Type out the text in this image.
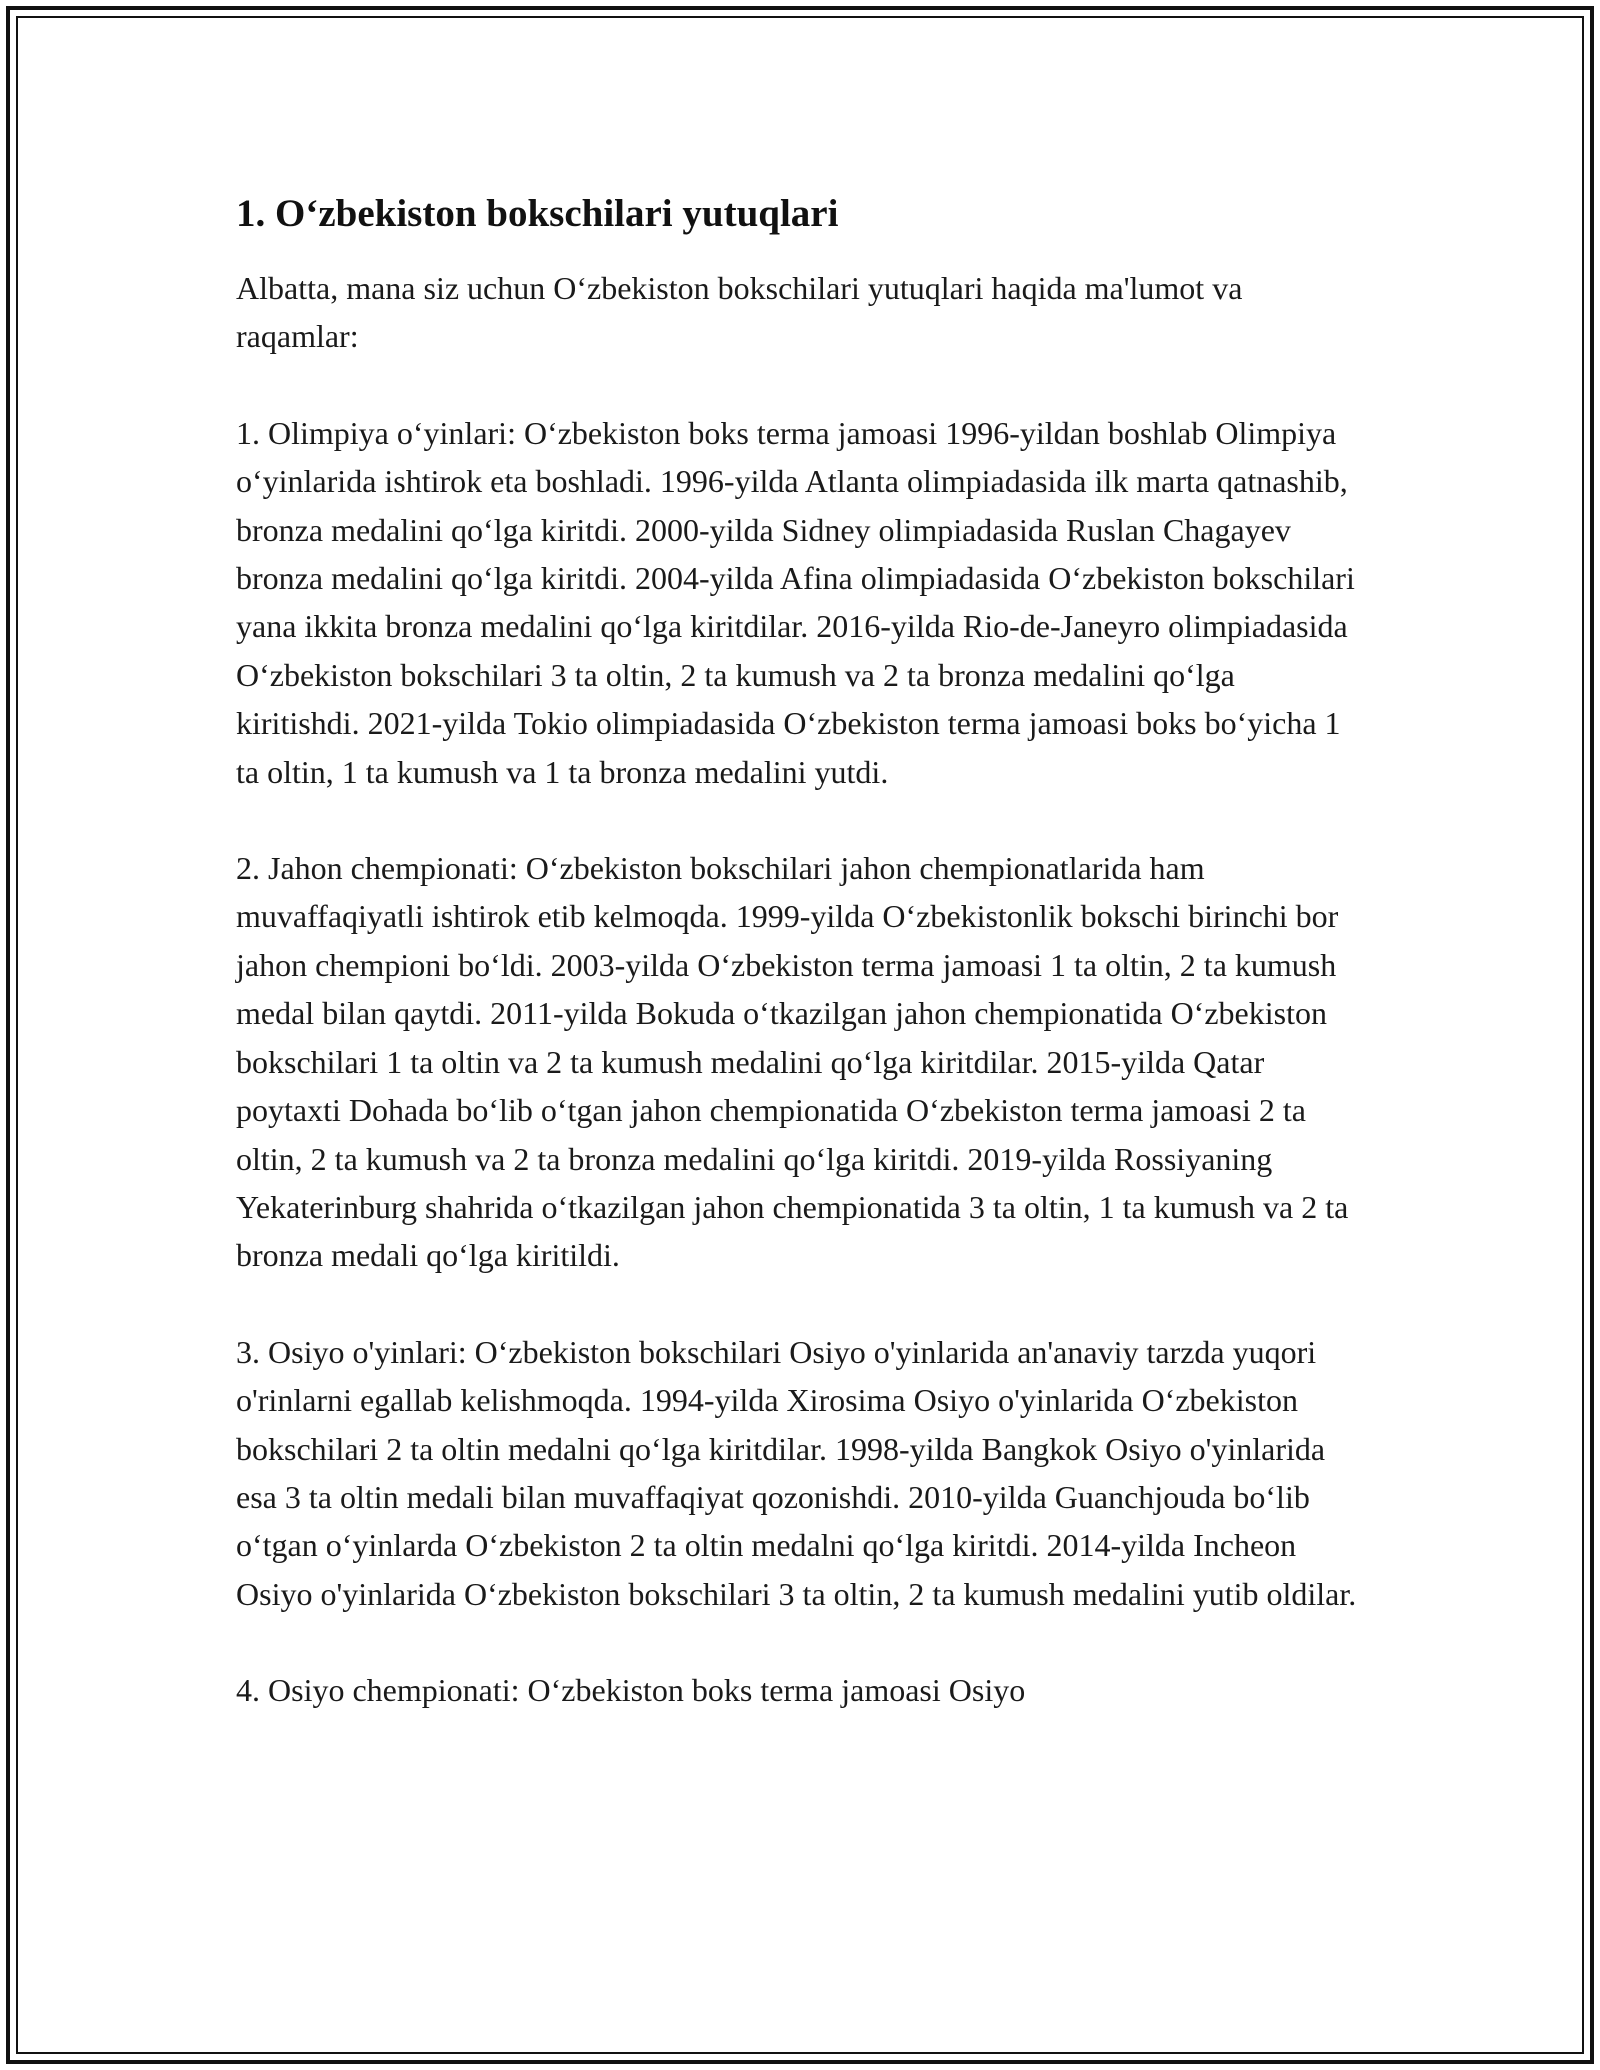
1. O‘zbekiston bokschilari yutuqlari

Albatta, mana siz uchun O‘zbekiston bokschilari yutuqlari haqida ma'lumot va raqamlar:

1. Olimpiya o‘yinlari: O‘zbekiston boks terma jamoasi 1996-yildan boshlab Olimpiya o‘yinlarida ishtirok eta boshladi. 1996-yilda Atlanta olimpiadasida ilk marta qatnashib, bronza medalini qo‘lga kiritdi. 2000-yilda Sidney olimpiadasida Ruslan Chagayev bronza medalini qo‘lga kiritdi. 2004-yilda Afina olimpiadasida O‘zbekiston bokschilari yana ikkita bronza medalini qo‘lga kiritdilar. 2016-yilda Rio-de-Janeyro olimpiadasida O‘zbekiston bokschilari 3 ta oltin, 2 ta kumush va 2 ta bronza medalini qo‘lga kiritishdi. 2021-yilda Tokio olimpiadasida O‘zbekiston terma jamoasi boks bo‘yicha 1 ta oltin, 1 ta kumush va 1 ta bronza medalini yutdi.

2. Jahon chempionati: O‘zbekiston bokschilari jahon chempionatlarida ham muvaffaqiyatli ishtirok etib kelmoqda. 1999-yilda O‘zbekistonlik bokschi birinchi bor jahon chempioni bo‘ldi. 2003-yilda O‘zbekiston terma jamoasi 1 ta oltin, 2 ta kumush medal bilan qaytdi. 2011-yilda Bokuda o‘tkazilgan jahon chempionatida O‘zbekiston bokschilari 1 ta oltin va 2 ta kumush medalini qo‘lga kiritdilar. 2015-yilda Qatar poytaxti Dohada bo‘lib o‘tgan jahon chempionatida O‘zbekiston terma jamoasi 2 ta oltin, 2 ta kumush va 2 ta bronza medalini qo‘lga kiritdi. 2019-yilda Rossiyaning Yekaterinburg shahrida o‘tkazilgan jahon chempionatida 3 ta oltin, 1 ta kumush va 2 ta bronza medali qo‘lga kiritildi.

3. Osiyo o'yinlari: O‘zbekiston bokschilari Osiyo o'yinlarida an'anaviy tarzda yuqori o'rinlarni egallab kelishmoqda. 1994-yilda Xirosima Osiyo o'yinlarida O‘zbekiston bokschilari 2 ta oltin medalni qo‘lga kiritdilar. 1998-yilda Bangkok Osiyo o'yinlarida esa 3 ta oltin medali bilan muvaffaqiyat qozonishdi. 2010-yilda Guanchjouda bo‘lib o‘tgan o‘yinlarda O‘zbekiston 2 ta oltin medalni qo‘lga kiritdi. 2014-yilda Incheon Osiyo o'yinlarida O‘zbekiston bokschilari 3 ta oltin, 2 ta kumush medalini yutib oldilar.

4. Osiyo chempionati: O‘zbekiston boks terma jamoasi Osiyo
